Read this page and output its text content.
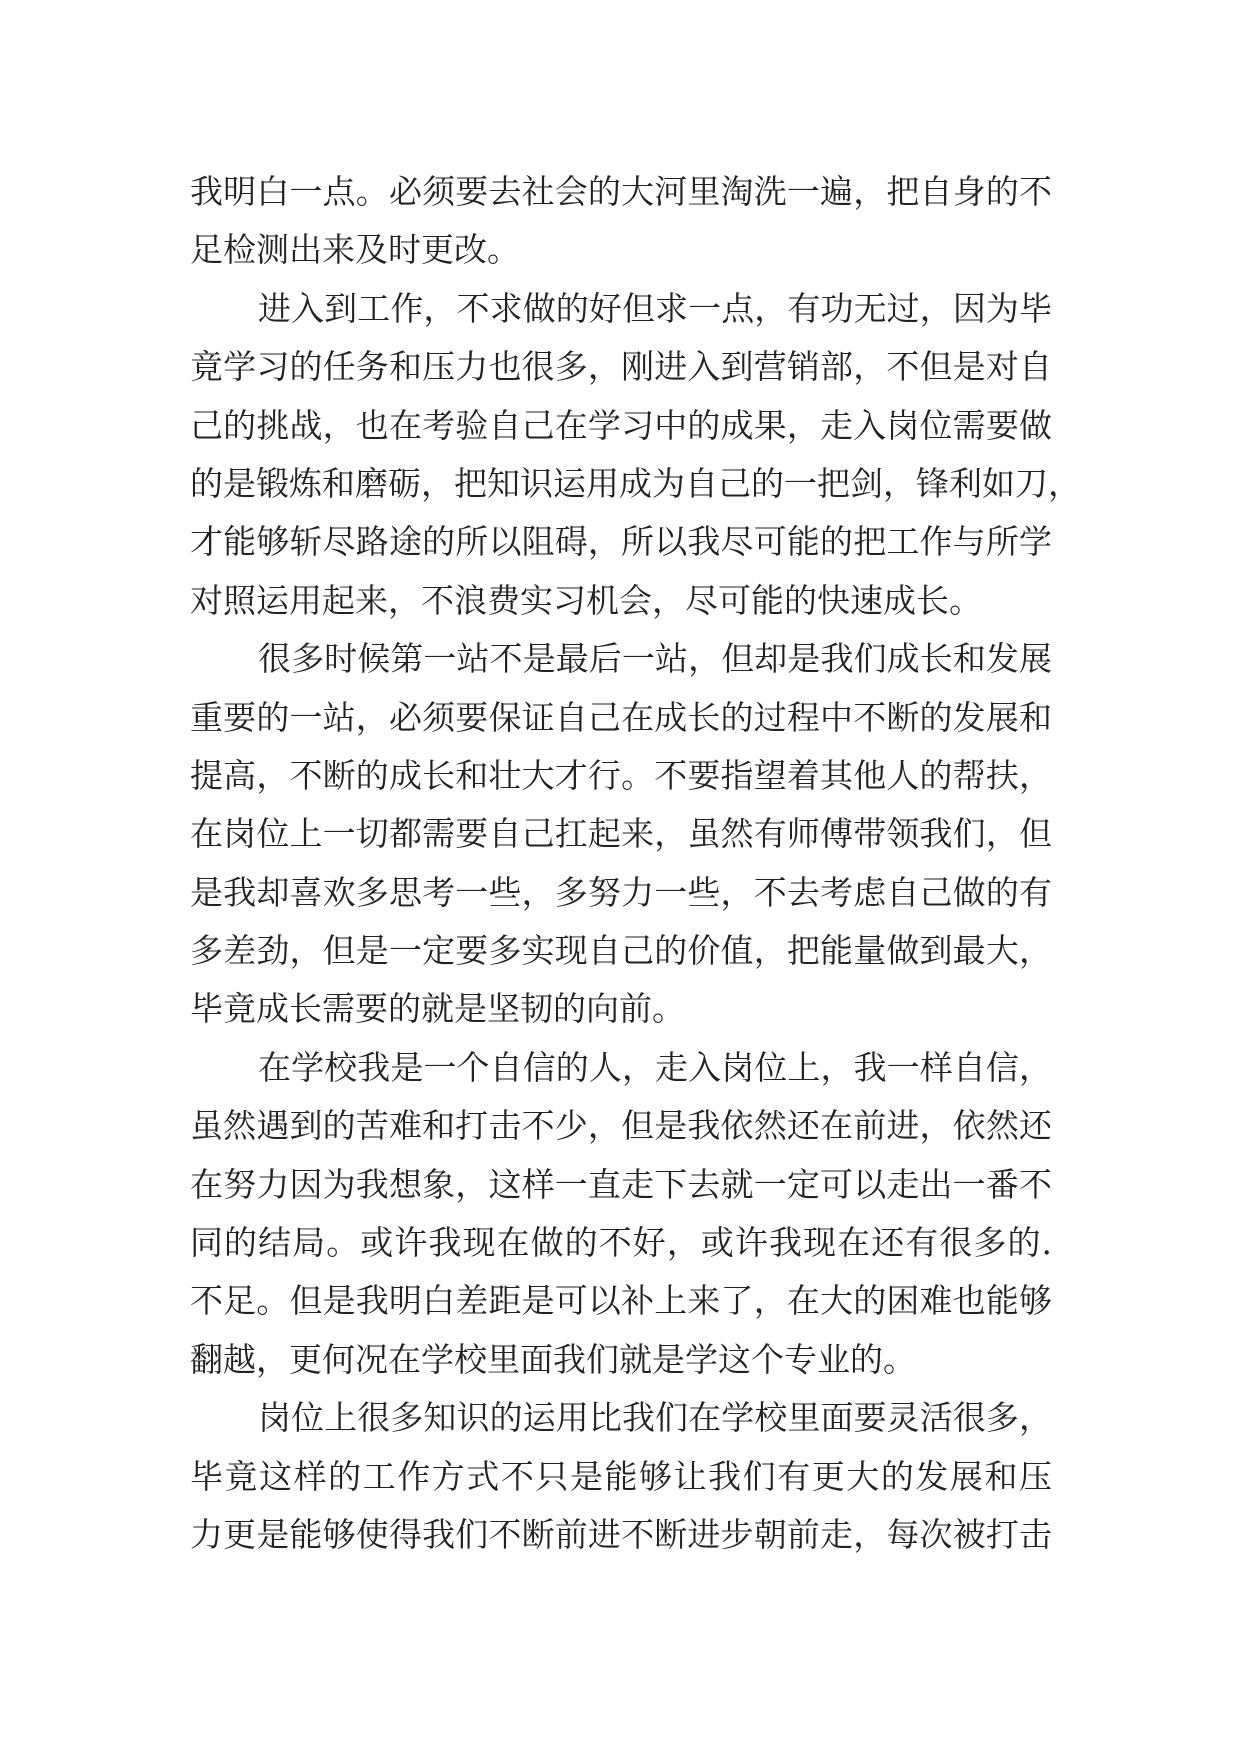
我明白一点。必须要去社会的大河里淘洗一遍，把自身的不
足检测出来及时更改。
进入到工作，不求做的好但求一点，有功无过，因为毕
竟学习的任务和压力也很多，刚进入到营销部，不但是对自
己的挑战，也在考验自己在学习中的成果，走入岗位需要做
的是锻炼和磨砺，把知识运用成为自己的一把剑，锋利如刀，
才能够斩尽路途的所以阻碍，所以我尽可能的把工作与所学
对照运用起来，不浪费实习机会，尽可能的快速成长。
很多时候第一站不是最后一站，但却是我们成长和发展
重要的一站，必须要保证自己在成长的过程中不断的发展和
提高，不断的成长和壮大才行。不要指望着其他人的帮扶，
在岗位上一切都需要自己扛起来，虽然有师傅带领我们，但
是我却喜欢多思考一些，多努力一些，不去考虑自己做的有
多差劲，但是一定要多实现自己的价值，把能量做到最大，
毕竟成长需要的就是坚韧的向前。
在学校我是一个自信的人，走入岗位上，我一样自信，
虽然遇到的苦难和打击不少，但是我依然还在前进，依然还
在努力因为我想象，这样一直走下去就一定可以走出一番不
同的结局。或许我现在做的不好，或许我现在还有很多的.
不足。但是我明白差距是可以补上来了，在大的困难也能够
翻越，更何况在学校里面我们就是学这个专业的。
岗位上很多知识的运用比我们在学校里面要灵活很多，
毕竟这样的工作方式不只是能够让我们有更大的发展和压
力更是能够使得我们不断前进不断进步朝前走，每次被打击
